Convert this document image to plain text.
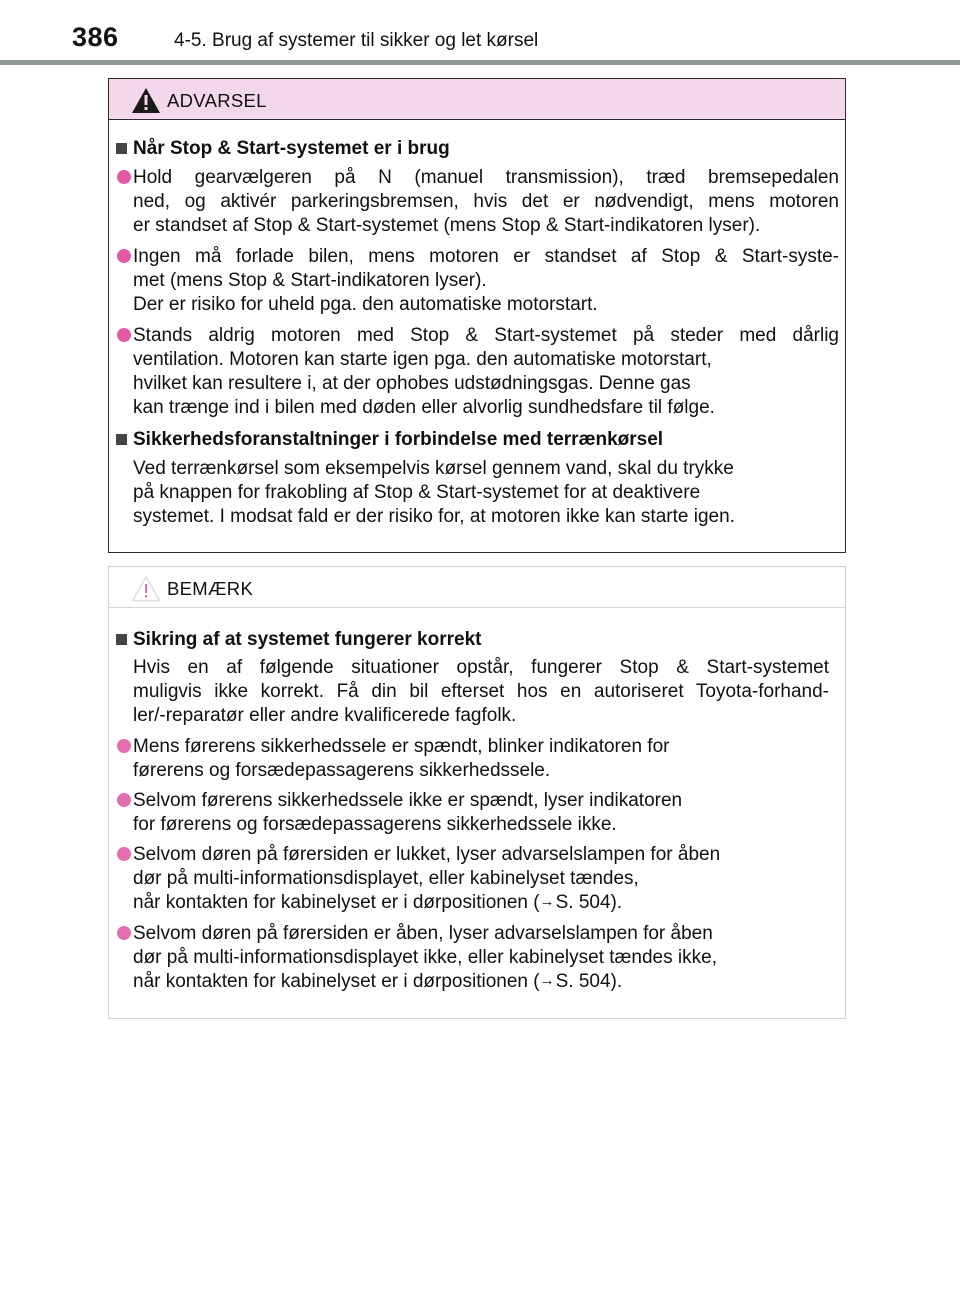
386	4-5. Brug af systemer til sikker og let kørsel
ADVARSEL
Når Stop & Start-systemet er i brug
Hold gearvælgeren på N (manuel transmission), træd bremsepedalen
ned, og aktivér parkeringsbremsen, hvis det er nødvendigt, mens motoren
er standset af Stop & Start-systemet (mens Stop & Start-indikatoren lyser).
Ingen må forlade bilen, mens motoren er standset af Stop & Start-syste-
met (mens Stop & Start-indikatoren lyser).
Der er risiko for uheld pga. den automatiske motorstart.
Stands aldrig motoren med Stop & Start-systemet på steder med dårlig
ventilation. Motoren kan starte igen pga. den automatiske motorstart,
hvilket kan resultere i, at der ophobes udstødningsgas. Denne gas
kan trænge ind i bilen med døden eller alvorlig sundhedsfare til følge.
Sikkerhedsforanstaltninger i forbindelse med terrænkørsel
Ved terrænkørsel som eksempelvis kørsel gennem vand, skal du trykke
på knappen for frakobling af Stop & Start-systemet for at deaktivere
systemet. I modsat fald er der risiko for, at motoren ikke kan starte igen.
BEMÆRK
Sikring af at systemet fungerer korrekt
Hvis en af følgende situationer opstår, fungerer Stop & Start-systemet
muligvis ikke korrekt. Få din bil efterset hos en autoriseret Toyota-forhand-
ler/-reparatør eller andre kvalificerede fagfolk.
Mens førerens sikkerhedssele er spændt, blinker indikatoren for
førerens og forsædepassagerens sikkerhedssele.
Selvom førerens sikkerhedssele ikke er spændt, lyser indikatoren
for førerens og forsædepassagerens sikkerhedssele ikke.
Selvom døren på førersiden er lukket, lyser advarselslampen for åben
dør på multi-informationsdisplayet, eller kabinelyset tændes,
når kontakten for kabinelyset er i dørpositionen (→S. 504).
Selvom døren på førersiden er åben, lyser advarselslampen for åben
dør på multi-informationsdisplayet ikke, eller kabinelyset tændes ikke,
når kontakten for kabinelyset er i dørpositionen (→S. 504).
